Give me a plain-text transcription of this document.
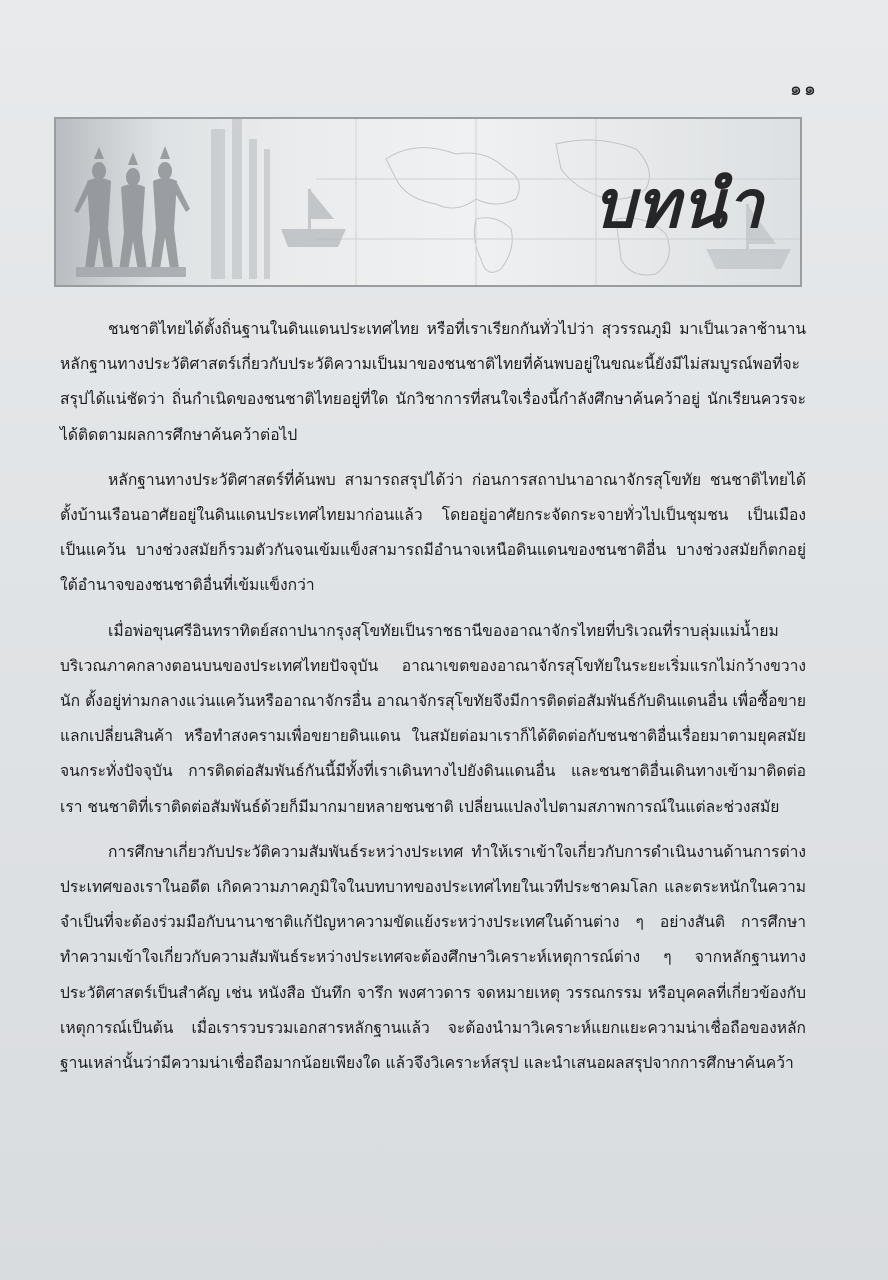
๑๑
บทนำ

ชนชาติไทยได้ตั้งถิ่นฐานในดินแดนประเทศไทย หรือที่เราเรียกกันทั่วไปว่า สุวรรณภูมิ มาเป็นเวลาช้านาน หลักฐานทางประวัติศาสตร์เกี่ยวกับประวัติความเป็นมาของชนชาติไทยที่ค้นพบอยู่ในขณะนี้ยังมีไม่สมบูรณ์พอที่จะสรุปได้แน่ชัดว่า ถิ่นกำเนิดของชนชาติไทยอยู่ที่ใด นักวิชาการที่สนใจเรื่องนี้กำลังศึกษาค้นคว้าอยู่ นักเรียนควรจะได้ติดตามผลการศึกษาค้นคว้าต่อไป

หลักฐานทางประวัติศาสตร์ที่ค้นพบ สามารถสรุปได้ว่า ก่อนการสถาปนาอาณาจักรสุโขทัย ชนชาติไทยได้ตั้งบ้านเรือนอาศัยอยู่ในดินแดนประเทศไทยมาก่อนแล้ว โดยอยู่อาศัยกระจัดกระจายทั่วไปเป็นชุมชน เป็นเมือง เป็นแคว้น บางช่วงสมัยก็รวมตัวกันจนเข้มแข็งสามารถมีอำนาจเหนือดินแดนของชนชาติอื่น บางช่วงสมัยก็ตกอยู่ใต้อำนาจของชนชาติอื่นที่เข้มแข็งกว่า

เมื่อพ่อขุนศรีอินทราทิตย์สถาปนากรุงสุโขทัยเป็นราชธานีของอาณาจักรไทยที่บริเวณที่ราบลุ่มแม่น้ำยม บริเวณภาคกลางตอนบนของประเทศไทยปัจจุบัน อาณาเขตของอาณาจักรสุโขทัยในระยะเริ่มแรกไม่กว้างขวางนัก ตั้งอยู่ท่ามกลางแว่นแคว้นหรืออาณาจักรอื่น อาณาจักรสุโขทัยจึงมีการติดต่อสัมพันธ์กับดินแดนอื่น เพื่อซื้อขายแลกเปลี่ยนสินค้า หรือทำสงครามเพื่อขยายดินแดน ในสมัยต่อมาเราก็ได้ติดต่อกับชนชาติอื่นเรื่อยมาตามยุคสมัยจนกระทั่งปัจจุบัน การติดต่อสัมพันธ์กันนี้มีทั้งที่เราเดินทางไปยังดินแดนอื่น และชนชาติอื่นเดินทางเข้ามาติดต่อเรา ชนชาติที่เราติดต่อสัมพันธ์ด้วยก็มีมากมายหลายชนชาติ เปลี่ยนแปลงไปตามสภาพการณ์ในแต่ละช่วงสมัย

การศึกษาเกี่ยวกับประวัติความสัมพันธ์ระหว่างประเทศ ทำให้เราเข้าใจเกี่ยวกับการดำเนินงานด้านการต่างประเทศของเราในอดีต เกิดความภาคภูมิใจในบทบาทของประเทศไทยในเวทีประชาคมโลก และตระหนักในความจำเป็นที่จะต้องร่วมมือกับนานาชาติแก้ปัญหาความขัดแย้งระหว่างประเทศในด้านต่าง ๆ อย่างสันติ การศึกษาทำความเข้าใจเกี่ยวกับความสัมพันธ์ระหว่างประเทศจะต้องศึกษาวิเคราะห์เหตุการณ์ต่าง ๆ จากหลักฐานทางประวัติศาสตร์เป็นสำคัญ เช่น หนังสือ บันทึก จารึก พงศาวดาร จดหมายเหตุ วรรณกรรม หรือบุคคลที่เกี่ยวข้องกับเหตุการณ์เป็นต้น เมื่อเรารวบรวมเอกสารหลักฐานแล้ว จะต้องนำมาวิเคราะห์แยกแยะความน่าเชื่อถือของหลักฐานเหล่านั้นว่ามีความน่าเชื่อถือมากน้อยเพียงใด แล้วจึงวิเคราะห์สรุป และนำเสนอผลสรุปจากการศึกษาค้นคว้า
